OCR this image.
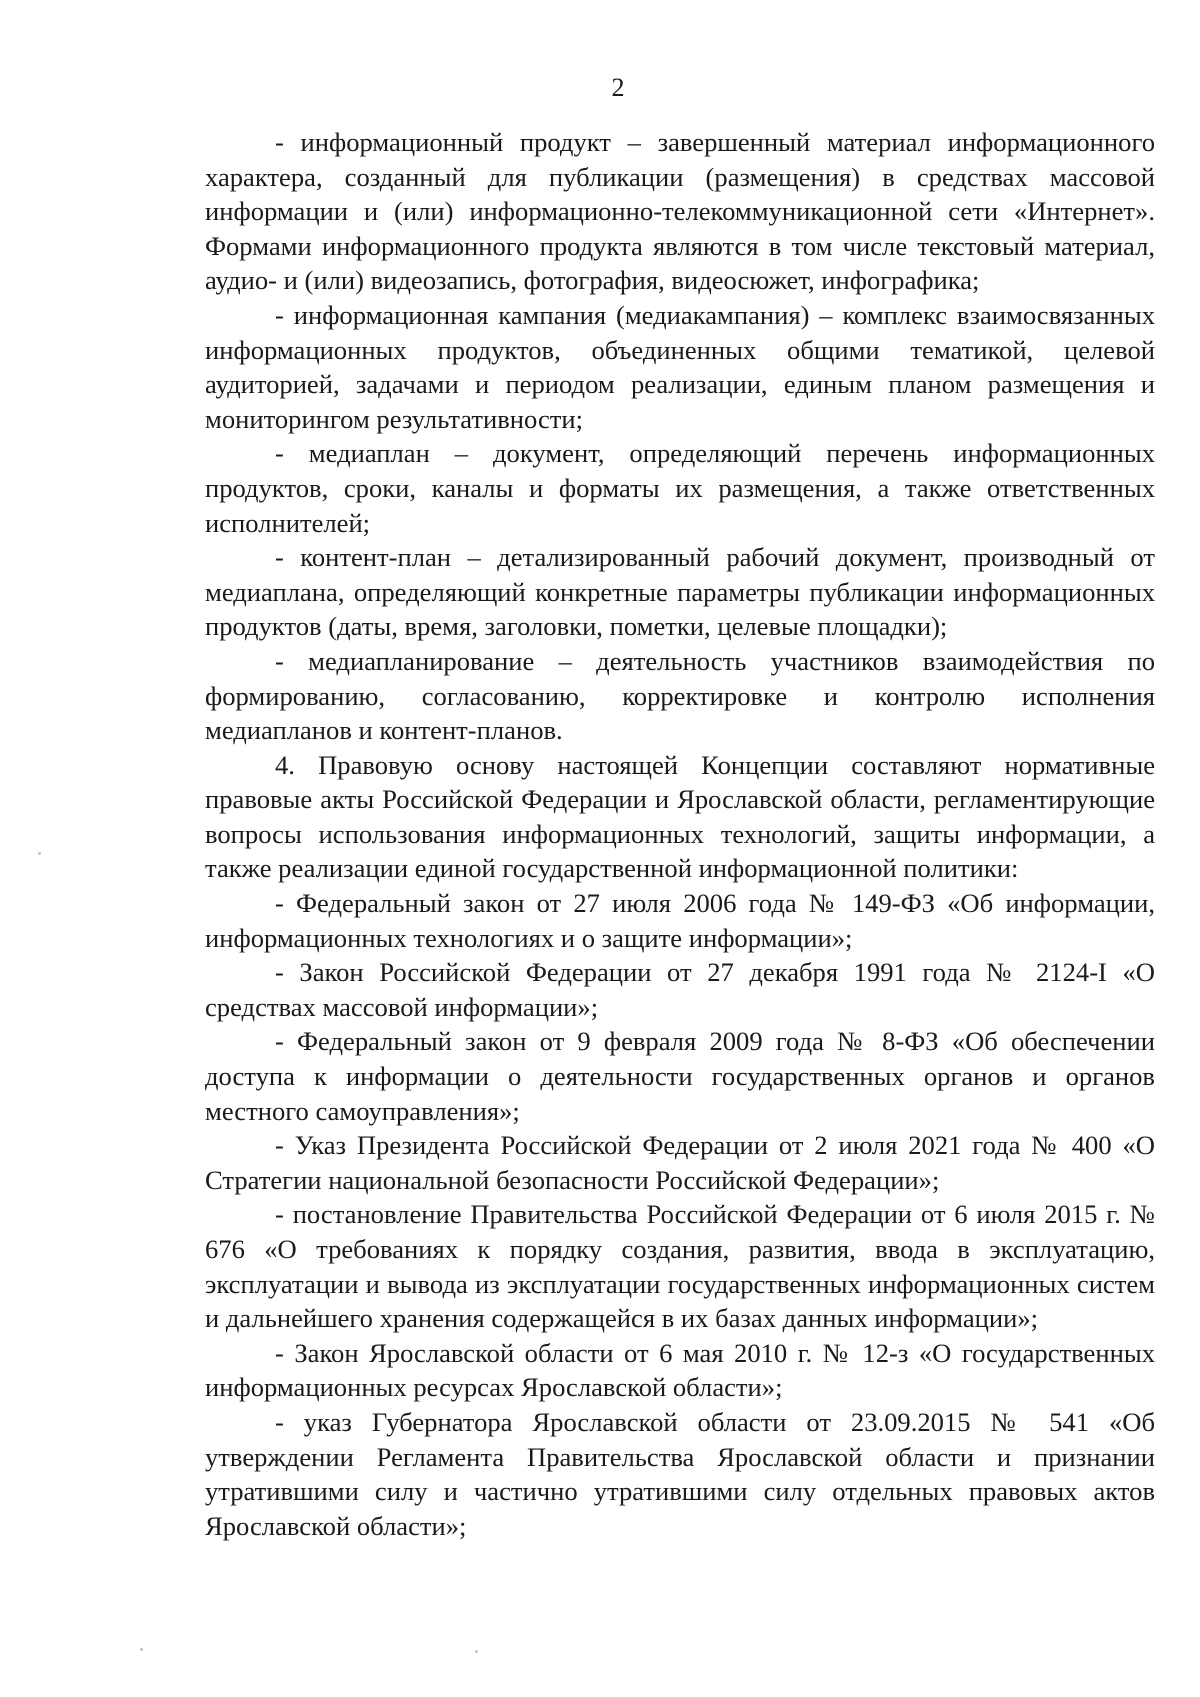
2

- информационный продукт – завершенный материал информационного характера, созданный для публикации (размещения) в средствах массовой информации и (или) информационно-телекоммуникационной сети «Интернет». Формами информационного продукта являются в том числе текстовый материал, аудио- и (или) видеозапись, фотография, видеосюжет, инфографика;

- информационная кампания (медиакампания) – комплекс взаимосвязанных информационных продуктов, объединенных общими тематикой, целевой аудиторией, задачами и периодом реализации, единым планом размещения и мониторингом результативности;

- медиаплан – документ, определяющий перечень информационных продуктов, сроки, каналы и форматы их размещения, а также ответственных исполнителей;

- контент-план – детализированный рабочий документ, производный от медиаплана, определяющий конкретные параметры публикации информационных продуктов (даты, время, заголовки, пометки, целевые площадки);

- медиапланирование – деятельность участников взаимодействия по формированию, согласованию, корректировке и контролю исполнения медиапланов и контент-планов.

4. Правовую основу настоящей Концепции составляют нормативные правовые акты Российской Федерации и Ярославской области, регламентирующие вопросы использования информационных технологий, защиты информации, а также реализации единой государственной информационной политики:

- Федеральный закон от 27 июля 2006 года № 149-ФЗ «Об информации, информационных технологиях и о защите информации»;

- Закон Российской Федерации от 27 декабря 1991 года № 2124-I «О средствах массовой информации»;

- Федеральный закон от 9 февраля 2009 года № 8-ФЗ «Об обеспечении доступа к информации о деятельности государственных органов и органов местного самоуправления»;

- Указ Президента Российской Федерации от 2 июля 2021 года № 400 «О Стратегии национальной безопасности Российской Федерации»;

- постановление Правительства Российской Федерации от 6 июля 2015 г. № 676 «О требованиях к порядку создания, развития, ввода в эксплуатацию, эксплуатации и вывода из эксплуатации государственных информационных систем и дальнейшего хранения содержащейся в их базах данных информации»;

- Закон Ярославской области от 6 мая 2010 г. № 12-з «О государственных информационных ресурсах Ярославской области»;

- указ Губернатора Ярославской области от 23.09.2015 № 541 «Об утверждении Регламента Правительства Ярославской области и признании утратившими силу и частично утратившими силу отдельных правовых актов Ярославской области»;
